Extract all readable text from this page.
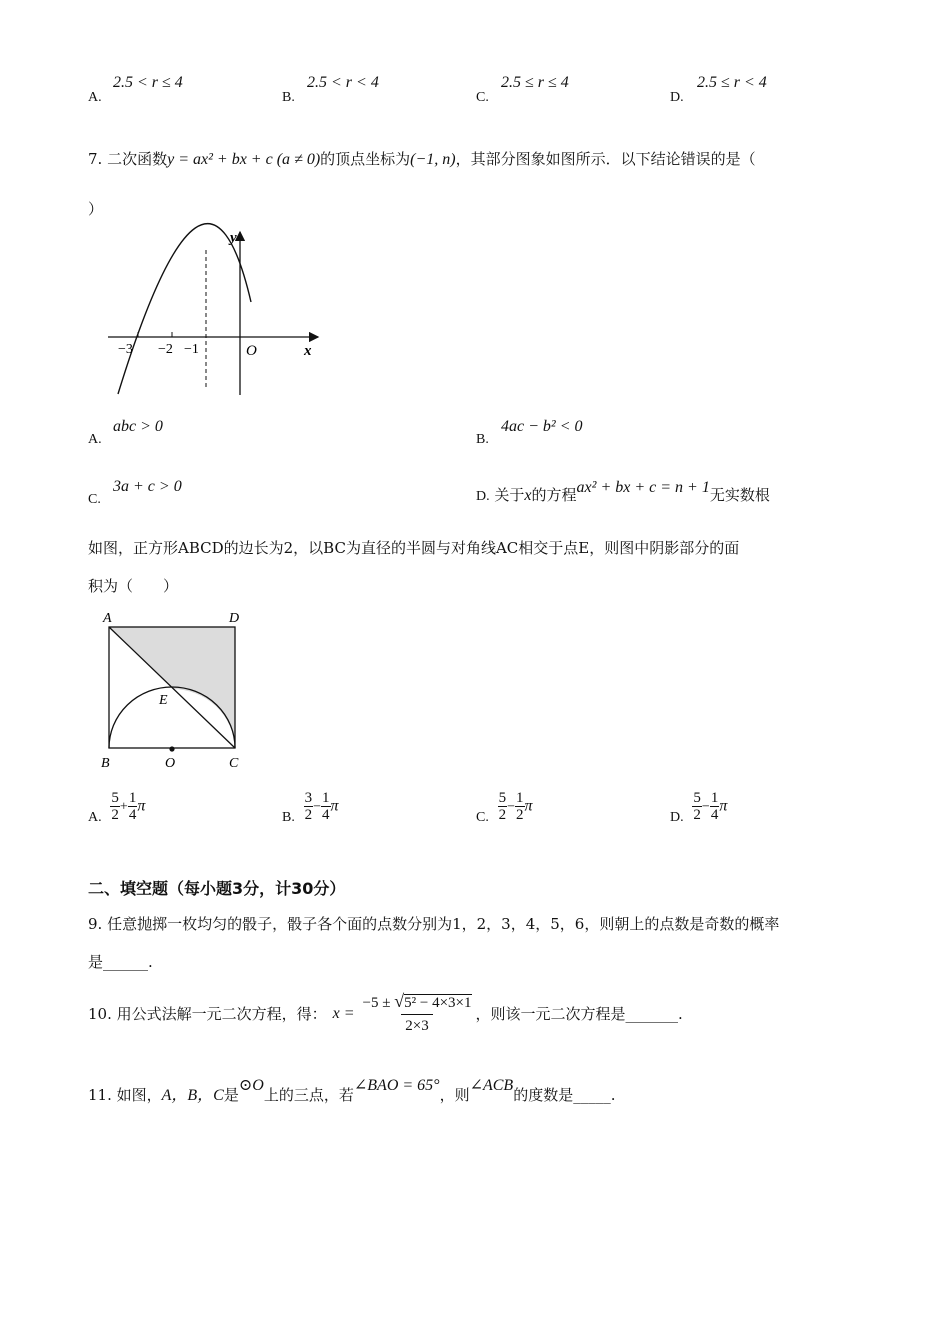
A.
2.5 < r ≤ 4
B.
2.5 < r < 4
C.
2.5 ≤ r ≤ 4
D.
2.5 ≤ r < 4
7. 二次函数y = ax² + bx + c (a ≠ 0)的顶点坐标为(−1, n)，其部分图象如图所示．以下结论错误的是（
）
y
x
O
−3 −2 −1
A.
abc > 0
B.
4ac − b² < 0
C.
3a + c > 0
D. 关于x的方程ax² + bx + c = n + 1无实数根
如图，正方形ABCD的边长为2，以BC为直径的半圆与对角线AC相交于点E，则图中阴影部分的面
积为（　　）
A	D
B	C
O
E
A. $\frac{5}{2} + \frac{1}{4}$ π
B. $\frac{3}{2} - \frac{1}{4}$ π
C. $\frac{5}{2} - \frac{1}{2}$ π
D. $\frac{5}{2} - \frac{1}{4}$ π
二、填空题（每小题3分，计30分）
9. 任意抛掷一枚均匀的骰子，骰子各个面的点数分别为1，2，3，4，5，6，则朝上的点数是奇数的概率
是______.
10. 用公式法解一元二次方程，得： $x = \frac{\text{−5 ± √5² − 4×3×1}}{2\times 3}$ ，则该一元二次方程是_______.
11. 如图，A，B，C是⊙O上的三点，若∠BAO = 65°，则∠ACB的度数是_____.
